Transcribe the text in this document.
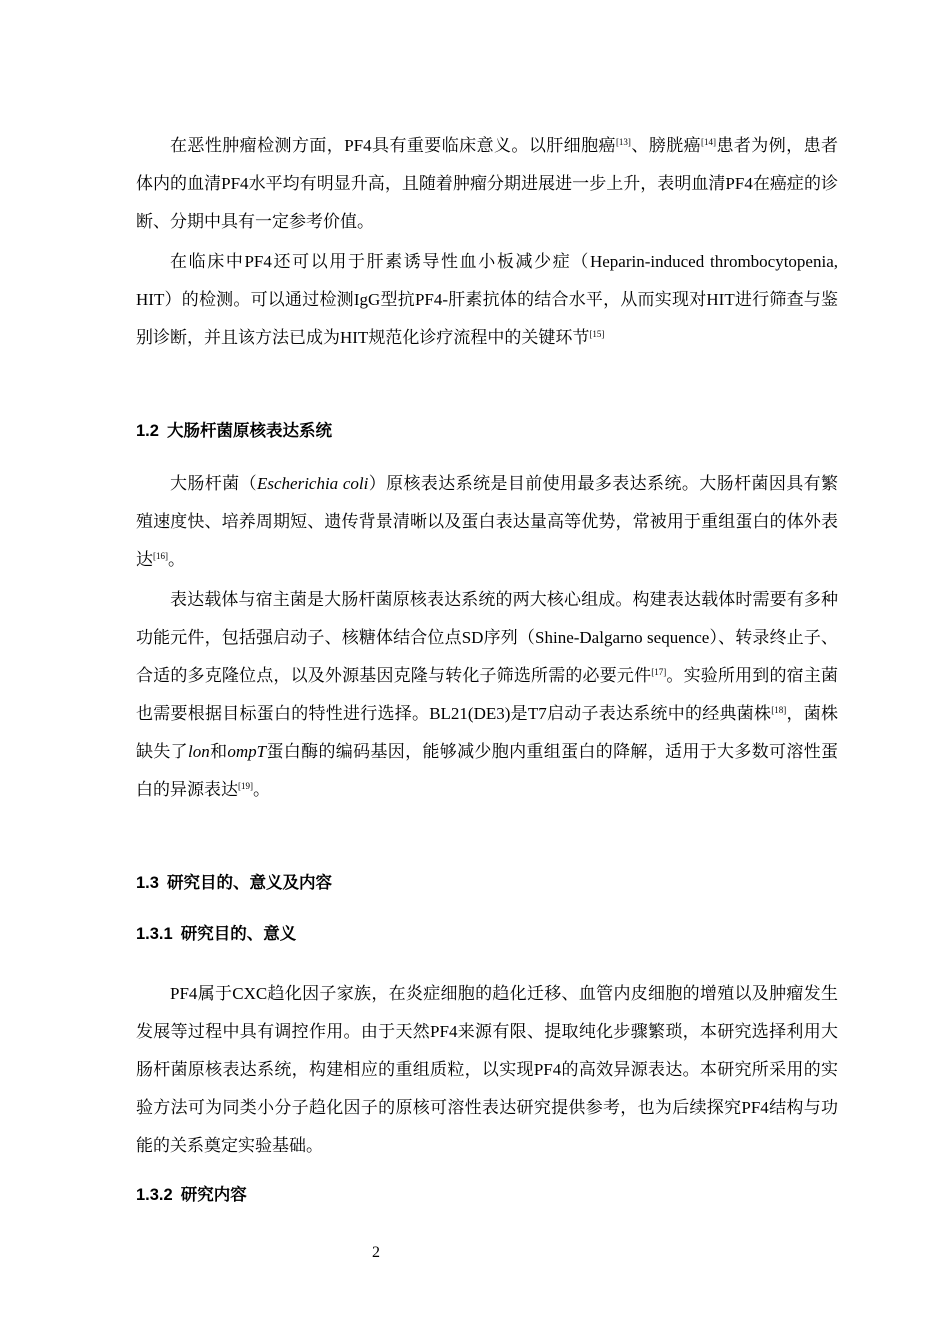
在恶性肿瘤检测方面，PF4具有重要临床意义。以肝细胞癌[13]、膀胱癌[14]患者为例，患者体内的血清PF4水平均有明显升高，且随着肿瘤分期进展进一步上升，表明血清PF4在癌症的诊断、分期中具有一定参考价值。

在临床中PF4还可以用于肝素诱导性血小板减少症（Heparin-induced thrombocytopenia, HIT）的检测。可以通过检测IgG型抗PF4-肝素抗体的结合水平，从而实现对HIT进行筛查与鉴别诊断，并且该方法已成为HIT规范化诊疗流程中的关键环节[15]

1.2 大肠杆菌原核表达系统

大肠杆菌（Escherichia coli）原核表达系统是目前使用最多表达系统。大肠杆菌因具有繁殖速度快、培养周期短、遗传背景清晰以及蛋白表达量高等优势，常被用于重组蛋白的体外表达[16]。

表达载体与宿主菌是大肠杆菌原核表达系统的两大核心组成。构建表达载体时需要有多种功能元件，包括强启动子、核糖体结合位点SD序列（Shine-Dalgarno sequence）、转录终止子、合适的多克隆位点，以及外源基因克隆与转化子筛选所需的必要元件[17]。实验所用到的宿主菌也需要根据目标蛋白的特性进行选择。BL21(DE3)是T7启动子表达系统中的经典菌株[18]，菌株缺失了lon和ompT蛋白酶的编码基因，能够减少胞内重组蛋白的降解，适用于大多数可溶性蛋白的异源表达[19]。

1.3 研究目的、意义及内容
1.3.1 研究目的、意义

PF4属于CXC趋化因子家族，在炎症细胞的趋化迁移、血管内皮细胞的增殖以及肿瘤发生发展等过程中具有调控作用。由于天然PF4来源有限、提取纯化步骤繁琐，本研究选择利用大肠杆菌原核表达系统，构建相应的重组质粒，以实现PF4的高效异源表达。本研究所采用的实验方法可为同类小分子趋化因子的原核可溶性表达研究提供参考，也为后续探究PF4结构与功能的关系奠定实验基础。

1.3.2 研究内容
2
